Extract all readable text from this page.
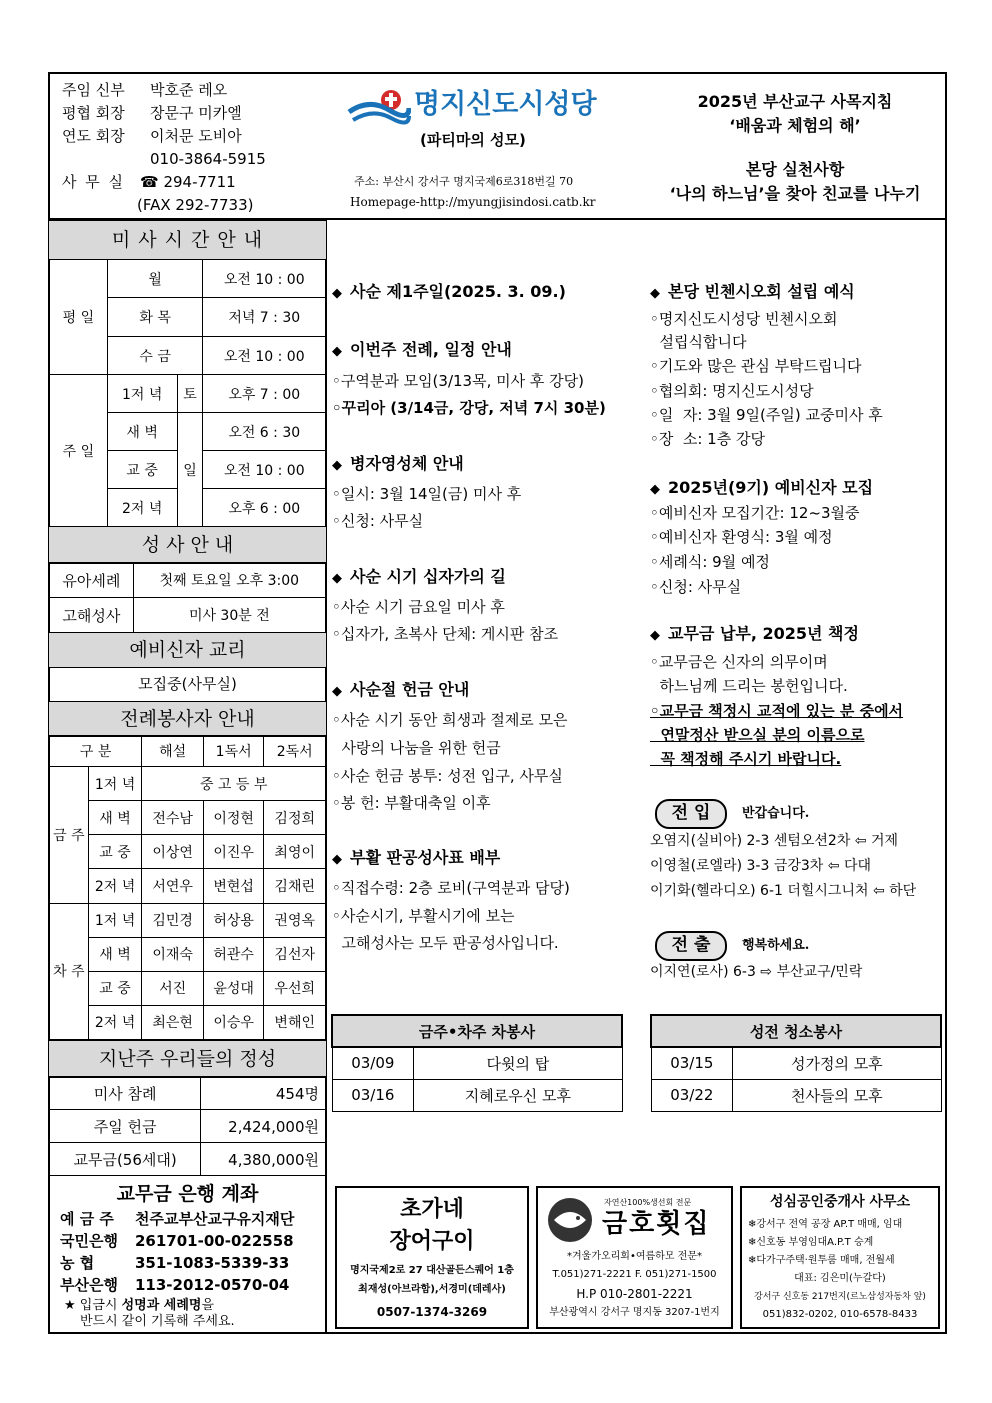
주임 신부 박호준 레오
평협 회장 장문구 미카엘
연도 회장 이처문 도비아
010-3864-5915
사 무 실 ☎ 294-7711
(FAX 292-7733)
명지신도시성당
(파티마의 성모)
주소: 부산시 강서구 명지국제6로318번길 70
Homepage-http://myungjisindosi.catb.kr
2025년 부산교구 사목지침
‘배움과 체험의 해’
본당 실천사항
‘나의 하느님’을 찾아 친교를 나누기
미 사 시 간 안 내
평 일	월		오전 10 : 00
	화 목		저녁 7 : 30
	수 금		오전 10 : 00
주 일	1저 녁	토	오후 7 : 00
	새 벽	일	오전 6 : 30
	교 중		오전 10 : 00
	2저 녁		오후 6 : 00
성 사 안 내
유아세례	첫째 토요일 오후 3:00
고해성사	미사 30분 전
예비신자 교리
모집중(사무실)
전례봉사자 안내
구 분		해설	1독서	2독서
금 주	1저 녁	중 고 등 부		
	새 벽	전수남	이정현	김정희
	교 중	이상연	이진우	최영이
	2저 녁	서연우	변현섭	김채린
차 주	1저 녁	김민경	허상용	권영옥
	새 벽	이재숙	허관수	김선자
	교 중	서진	윤성대	우선희
	2저 녁	최은현	이승우	변해인
지난주 우리들의 정성
미사 참례	454명
주일 헌금	2,424,000원
교무금(56세대)	4,380,000원
교무금 은행 계좌
예 금 주 천주교부산교구유지재단
국민은행 261701-00-022558
농 협	351-1083-5339-33
부산은행 113-2012-0570-04
★ 입금시 성명과 세례명을
반드시 같이 기록해 주세요.
◆ 사순 제1주일(2025. 3. 09.)
◆ 이번주 전례, 일정 안내
◦구역분과 모임(3/13목, 미사 후 강당)
◦꾸리아 (3/14금, 강당, 저녁 7시 30분)
◆ 병자영성체 안내
◦일시: 3월 14일(금) 미사 후
◦신청: 사무실
◆ 사순 시기 십자가의 길
◦사순 시기 금요일 미사 후
◦십자가, 초복사 단체: 게시판 참조
◆ 사순절 헌금 안내
◦사순 시기 동안 희생과 절제로 모은
사랑의 나눔을 위한 헌금
◦사순 헌금 봉투: 성전 입구, 사무실
◦봉 헌: 부활대축일 이후
◆ 부활 판공성사표 배부
◦직접수령: 2층 로비(구역분과 담당)
◦사순시기, 부활시기에 보는
고해성사는 모두 판공성사입니다.
◆ 본당 빈첸시오회 설립 예식
◦명지신도시성당 빈첸시오회
설립식합니다
◦기도와 많은 관심 부탁드립니다
◦협의회: 명지신도시성당
◦일  자: 3월 9일(주일) 교중미사 후
◦장  소: 1층 강당
◆ 2025년(9기) 예비신자 모집
◦예비신자 모집기간: 12~3월중
◦예비신자 환영식: 3월 예정
◦세례식: 9월 예정
◦신청: 사무실
◆ 교무금 납부, 2025년 책정
◦교무금은 신자의 의무이며
하느님께 드리는 봉헌입니다.
◦교무금 책정시 교적에 있는 분 중에서
연말정산 받으실 분의 이름으로
꼭 책정해 주시기 바랍니다.
전 입	반갑습니다.
오염지(실비아) 2-3 센텀오션2차 ⇦ 거제
이영철(로엘라) 3-3 금강3차 ⇦ 다대
이기화(헬라디오) 6-1 더힐시그니처 ⇦ 하단
전 출	행복하세요.
이지연(로사) 6-3 ⇨ 부산교구/민락
금주•차주 차봉사	
03/09	다윗의 탑
03/16	지혜로우신 모후
성전 청소봉사	
03/15	성가정의 모후
03/22	천사들의 모후
초가네
장어구이
명지국제2로 27 대산골든스퀘어 1층
최재성(아브라함),서경미(데레사)
0507-1374-3269
자연산100%생선회 전문
금호횟집
*겨울가오리회•여름하모 전문*
T.051)271-2221 F. 051)271-1500
H.P 010-2801-2221
부산광역시 강서구 명지동 3207-1번지
성심공인중개사 사무소
❄강서구 전역 공장 AP.T 매매, 임대
❄신호동 부영임대A.P.T 승계
❄다가구주택·원투룸 매매, 전월세
대표: 김은미(누갈다)
강서구 신호동 217번지(르노삼성자동차 앞)
051)832-0202, 010-6578-8433
